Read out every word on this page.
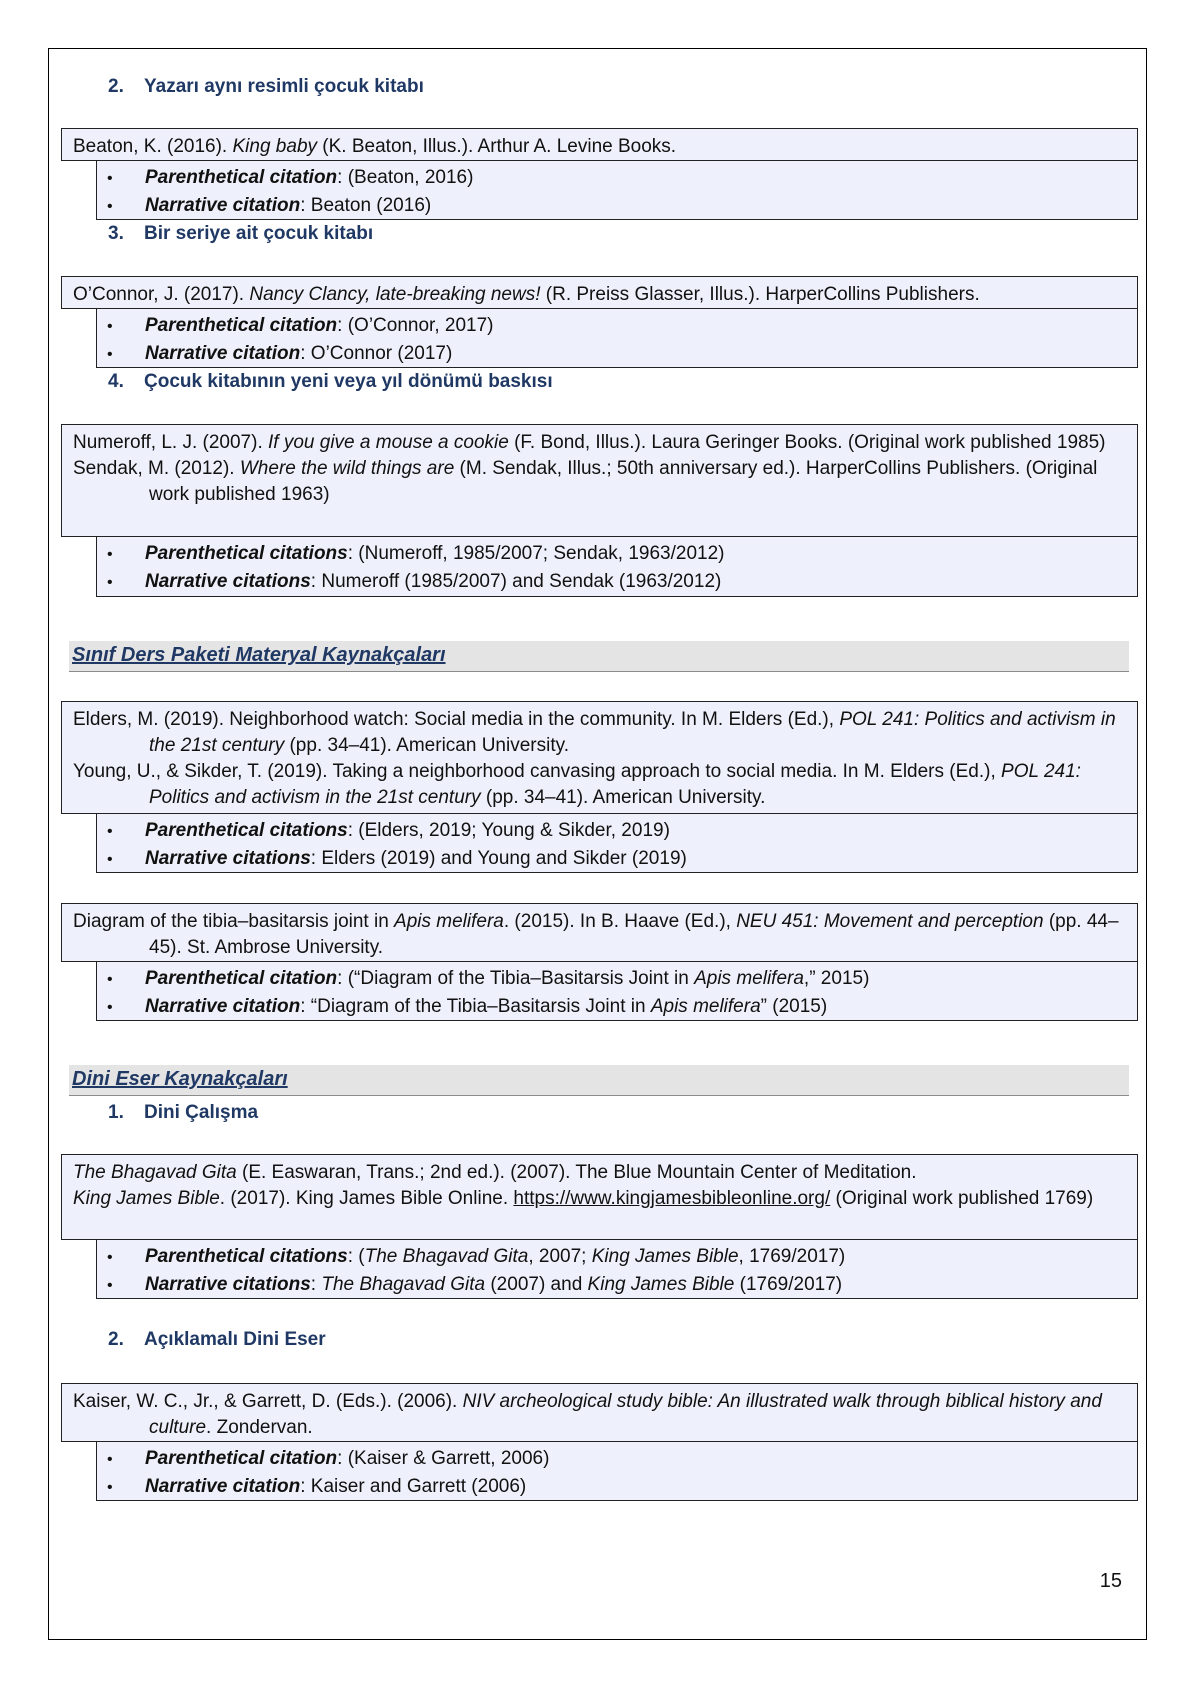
2. Yazarı aynı resimli çocuk kitabı
Beaton, K. (2016). King baby (K. Beaton, Illus.). Arthur A. Levine Books.
• Parenthetical citation: (Beaton, 2016)
• Narrative citation: Beaton (2016)
3. Bir seriye ait çocuk kitabı
O’Connor, J. (2017). Nancy Clancy, late-breaking news! (R. Preiss Glasser, Illus.). HarperCollins Publishers.
• Parenthetical citation: (O’Connor, 2017)
• Narrative citation: O’Connor (2017)
4. Çocuk kitabının yeni veya yıl dönümü baskısı
Numeroff, L. J. (2007). If you give a mouse a cookie (F. Bond, Illus.). Laura Geringer Books. (Original work published 1985)
Sendak, M. (2012). Where the wild things are (M. Sendak, Illus.; 50th anniversary ed.). HarperCollins Publishers. (Original work published 1963)
• Parenthetical citations: (Numeroff, 1985/2007; Sendak, 1963/2012)
• Narrative citations: Numeroff (1985/2007) and Sendak (1963/2012)
Sınıf Ders Paketi Materyal Kaynakçaları
Elders, M. (2019). Neighborhood watch: Social media in the community. In M. Elders (Ed.), POL 241: Politics and activism in the 21st century (pp. 34–41). American University.
Young, U., & Sikder, T. (2019). Taking a neighborhood canvasing approach to social media. In M. Elders (Ed.), POL 241: Politics and activism in the 21st century (pp. 34–41). American University.
• Parenthetical citations: (Elders, 2019; Young & Sikder, 2019)
• Narrative citations: Elders (2019) and Young and Sikder (2019)
Diagram of the tibia–basitarsis joint in Apis melifera. (2015). In B. Haave (Ed.), NEU 451: Movement and perception (pp. 44–45). St. Ambrose University.
• Parenthetical citation: (“Diagram of the Tibia–Basitarsis Joint in Apis melifera,” 2015)
• Narrative citation: “Diagram of the Tibia–Basitarsis Joint in Apis melifera” (2015)
Dini Eser Kaynakçaları
1. Dini Çalışma
The Bhagavad Gita (E. Easwaran, Trans.; 2nd ed.). (2007). The Blue Mountain Center of Meditation.
King James Bible. (2017). King James Bible Online. https://www.kingjamesbibleonline.org/ (Original work published 1769)
• Parenthetical citations: (The Bhagavad Gita, 2007; King James Bible, 1769/2017)
• Narrative citations: The Bhagavad Gita (2007) and King James Bible (1769/2017)
2. Açıklamalı Dini Eser
Kaiser, W. C., Jr., & Garrett, D. (Eds.). (2006). NIV archeological study bible: An illustrated walk through biblical history and culture. Zondervan.
• Parenthetical citation: (Kaiser & Garrett, 2006)
• Narrative citation: Kaiser and Garrett (2006)
15
